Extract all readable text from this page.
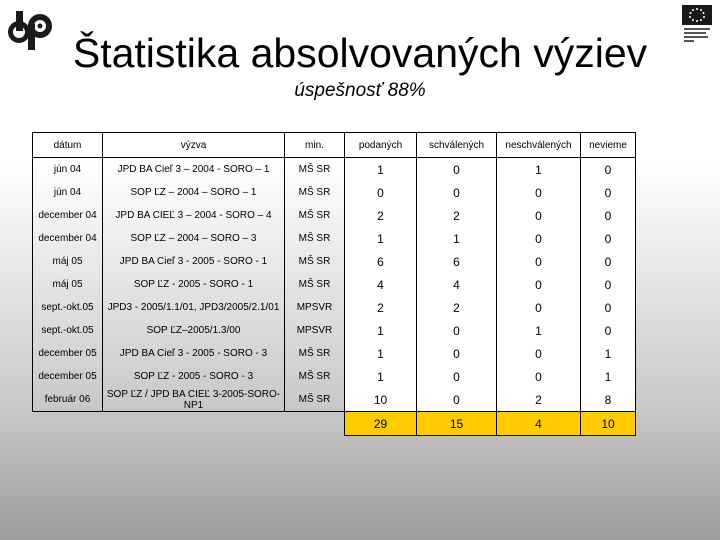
Štatistika absolvovaných výziev
úspešnosť 88%
dátum	výzva	min.	podaných	schválených	neschválených	nevieme
jún 04	JPD BA Cieľ 3 – 2004 - SORO – 1	MŠ SR	1	0	1	0
jún 04	SOP ĽZ – 2004 – SORO – 1	MŠ SR	0	0	0	0
december 04	JPD BA CIEĽ 3 – 2004 - SORO – 4	MŠ SR	2	2	0	0
december 04	SOP ĽZ – 2004 – SORO – 3	MŠ SR	1	1	0	0
máj 05	JPD BA Cieľ 3 - 2005 - SORO - 1	MŠ SR	6	6	0	0
máj 05	SOP ĽZ - 2005 - SORO - 1	MŠ SR	4	4	0	0
sept.-okt.05	JPD3 - 2005/1.1/01, JPD3/2005/2.1/01	MPSVR	2	2	0	0
sept.-okt.05	SOP ĽZ–2005/1.3/00	MPSVR	1	0	1	0
december 05	JPD BA Cieľ 3 - 2005 - SORO - 3	MŠ SR	1	0	0	1
december 05	SOP ĽZ - 2005 - SORO - 3	MŠ SR	1	0	0	1
február 06	SOP ĽZ / JPD BA CIEĽ 3-2005-SORO-NP1	MŠ SR	10	0	2	8
			29	15	4	10
